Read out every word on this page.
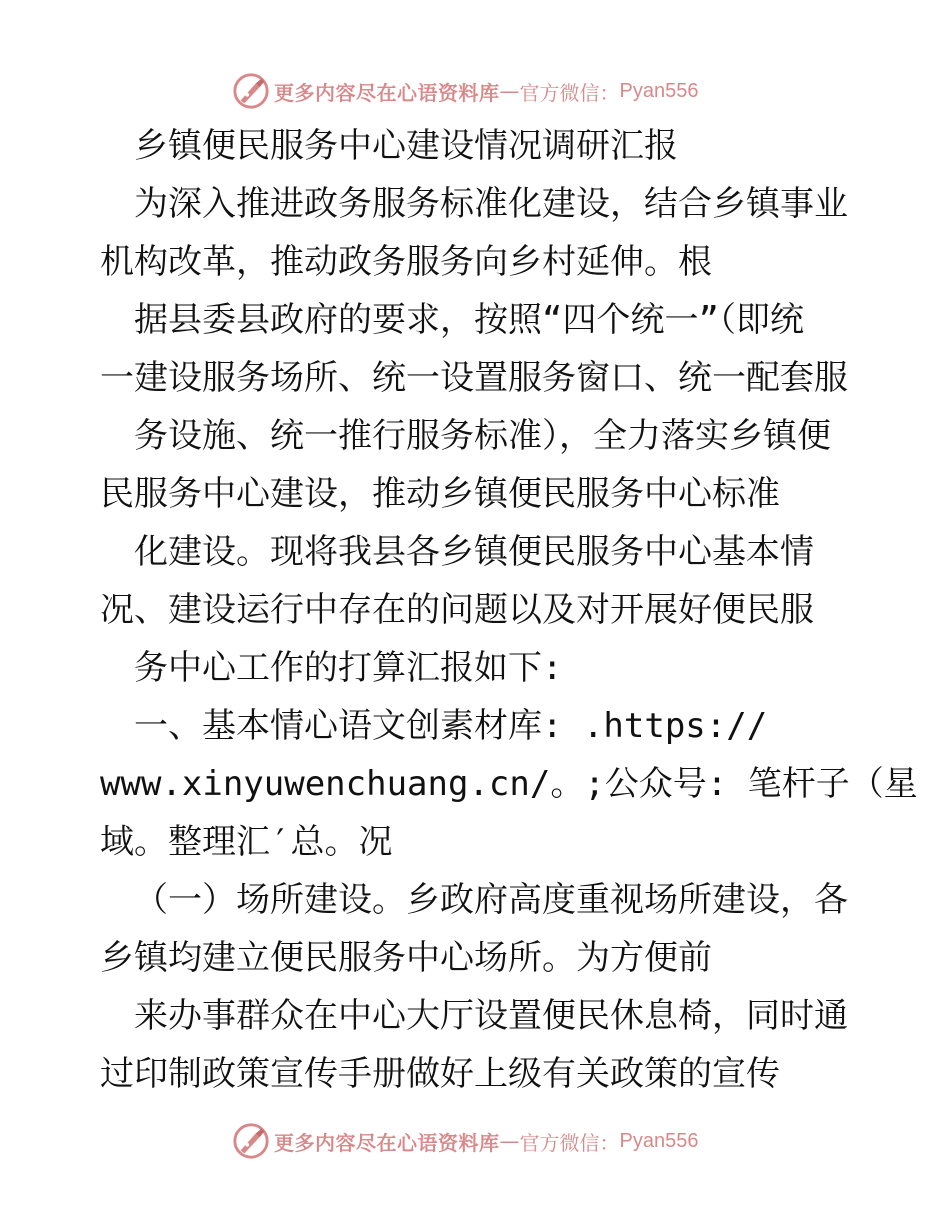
更多内容尽在心语资料库 — 官方微信： Pyan556
乡镇便民服务中心建设情况调研汇报
为深入推进政务服务标准化建设，结合乡镇事业
机构改革，推动政务服务向乡村延伸。根
据县委县政府的要求，按照“四个统一”（即统
一建设服务场所、统一设置服务窗口、统一配套服
务设施、统一推行服务标准），全力落实乡镇便
民服务中心建设，推动乡镇便民服务中心标准
化建设。现将我县各乡镇便民服务中心基本情
况、建设运行中存在的问题以及对开展好便民服
务中心工作的打算汇报如下:
一、基本情心语文创素材库: .https://
www.xinyuwenchuang.cn/。;公众号: 笔杆子（星
域。整理汇′总。况
（一）场所建设。乡政府高度重视场所建设，各
乡镇均建立便民服务中心场所。为方便前
来办事群众在中心大厅设置便民休息椅，同时通
过印制政策宣传手册做好上级有关政策的宣传
更多内容尽在心语资料库 — 官方微信： Pyan556
